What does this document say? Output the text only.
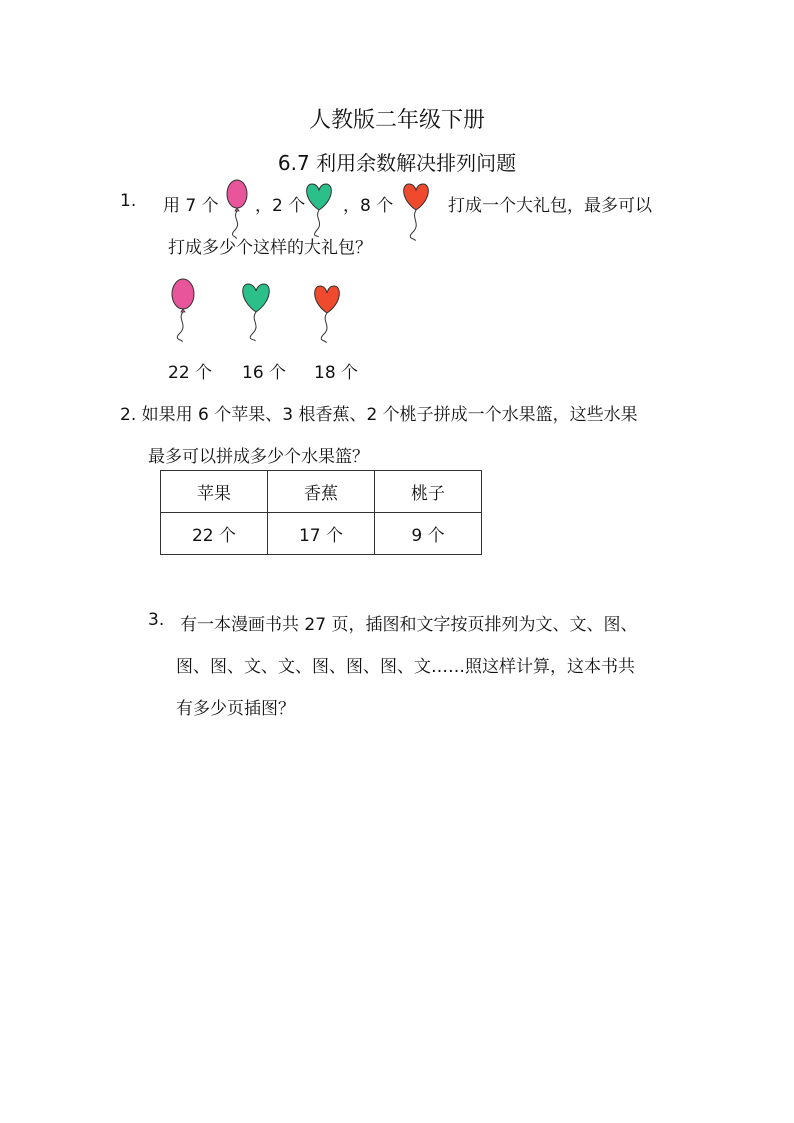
人教版二年级下册
6.7 利用余数解决排列问题
1. 用 7 个 ，2 个 ，8 个	打成一个大礼包，最多可以
打成多少个这样的大礼包？
22 个 16 个 18 个
2. 如果用 6 个苹果、3 根香蕉、2 个桃子拼成一个水果篮，这些水果
最多可以拼成多少个水果篮？
苹果	香蕉	桃子
22 个	17 个	9 个
3. 有一本漫画书共 27 页，插图和文字按页排列为文、文、图、
图、图、文、文、图、图、图、文……照这样计算，这本书共
有多少页插图？
